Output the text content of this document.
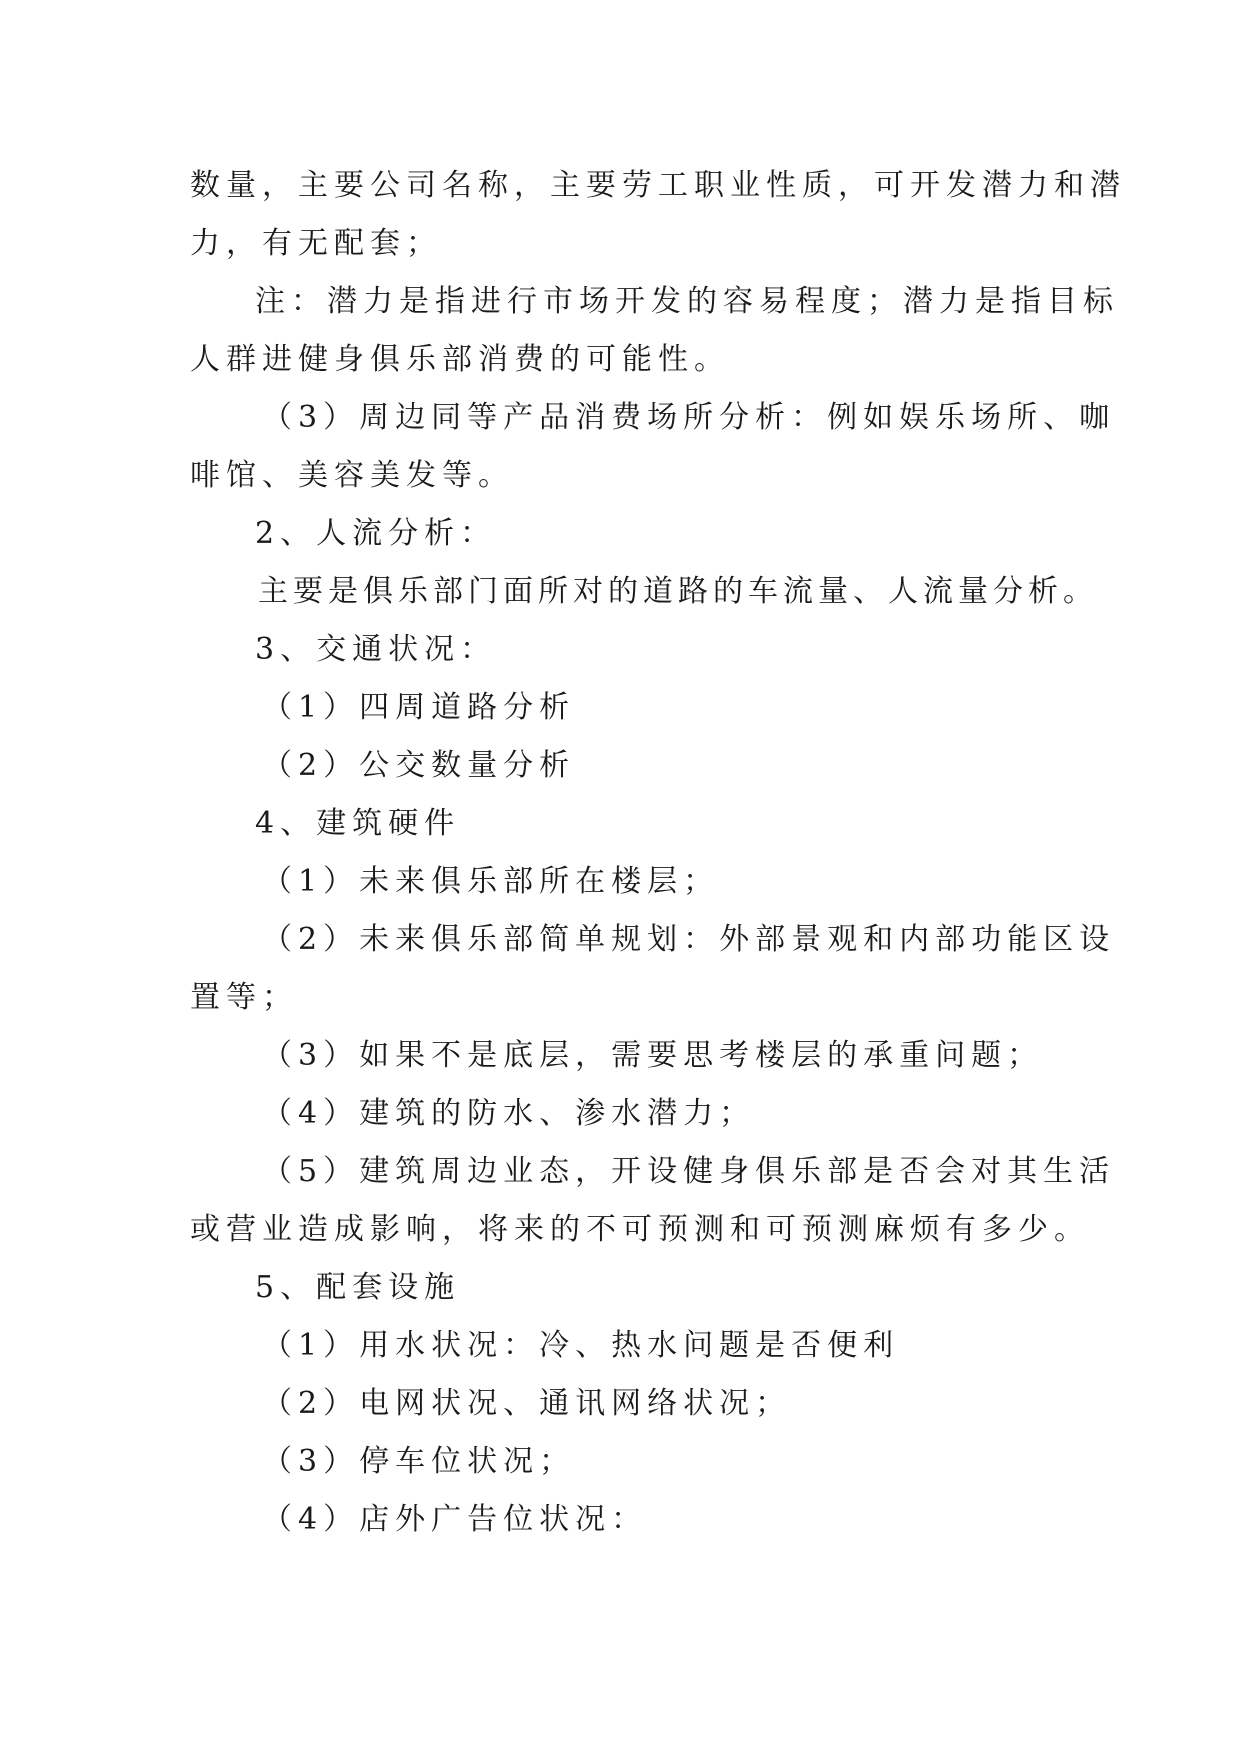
数量，主要公司名称，主要劳工职业性质，可开发潜力和潜
力，有无配套；
注：潜力是指进行市场开发的容易程度；潜力是指目标
人群进健身俱乐部消费的可能性。
（3）周边同等产品消费场所分析：例如娱乐场所、咖
啡馆、美容美发等。
2、人流分析：
主要是俱乐部门面所对的道路的车流量、人流量分析。
3、交通状况：
（1）四周道路分析
（2）公交数量分析
4、建筑硬件
（1）未来俱乐部所在楼层；
（2）未来俱乐部简单规划：外部景观和内部功能区设
置等；
（3）如果不是底层，需要思考楼层的承重问题；
（4）建筑的防水、渗水潜力；
（5）建筑周边业态，开设健身俱乐部是否会对其生活
或营业造成影响，将来的不可预测和可预测麻烦有多少。
5、配套设施
（1）用水状况：冷、热水问题是否便利
（2）电网状况、通讯网络状况；
（3）停车位状况；
（4）店外广告位状况：
